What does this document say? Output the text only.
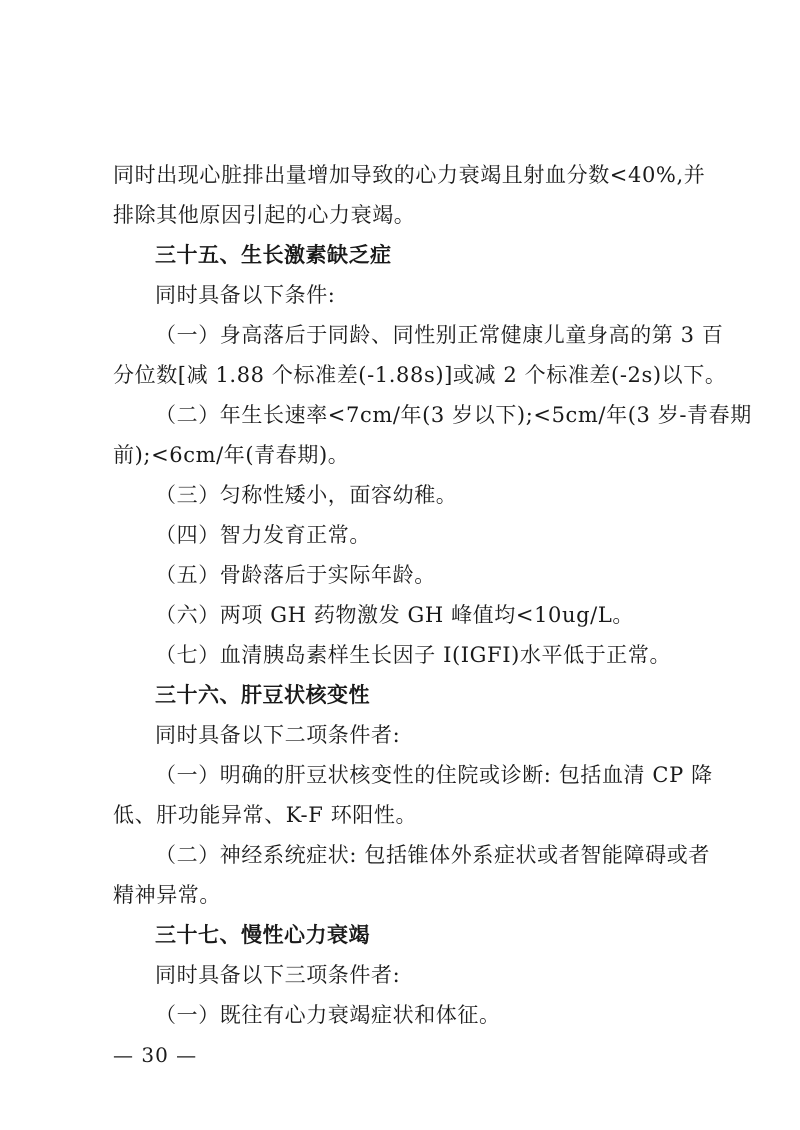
同时出现心脏排出量增加导致的心力衰竭且射血分数<40%,并
排除其他原因引起的心力衰竭。
三十五、生长激素缺乏症
同时具备以下条件:
（一）身高落后于同龄、同性别正常健康儿童身高的第 3 百
分位数[减 1.88 个标准差(-1.88s)]或减 2 个标准差(-2s)以下。
（二）年生长速率<7cm/年(3 岁以下);<5cm/年(3 岁-青春期
前);<6cm/年(青春期)。
（三）匀称性矮小，面容幼稚。
（四）智力发育正常。
（五）骨龄落后于实际年龄。
（六）两项 GH 药物激发 GH 峰值均<10ug/L。
（七）血清胰岛素样生长因子 I(IGFI)水平低于正常。
三十六、肝豆状核变性
同时具备以下二项条件者:
（一）明确的肝豆状核变性的住院或诊断: 包括血清 CP 降
低、肝功能异常、K-F 环阳性。
（二）神经系统症状: 包括锥体外系症状或者智能障碍或者
精神异常。
三十七、慢性心力衰竭
同时具备以下三项条件者:
（一）既往有心力衰竭症状和体征。
— 30 —
